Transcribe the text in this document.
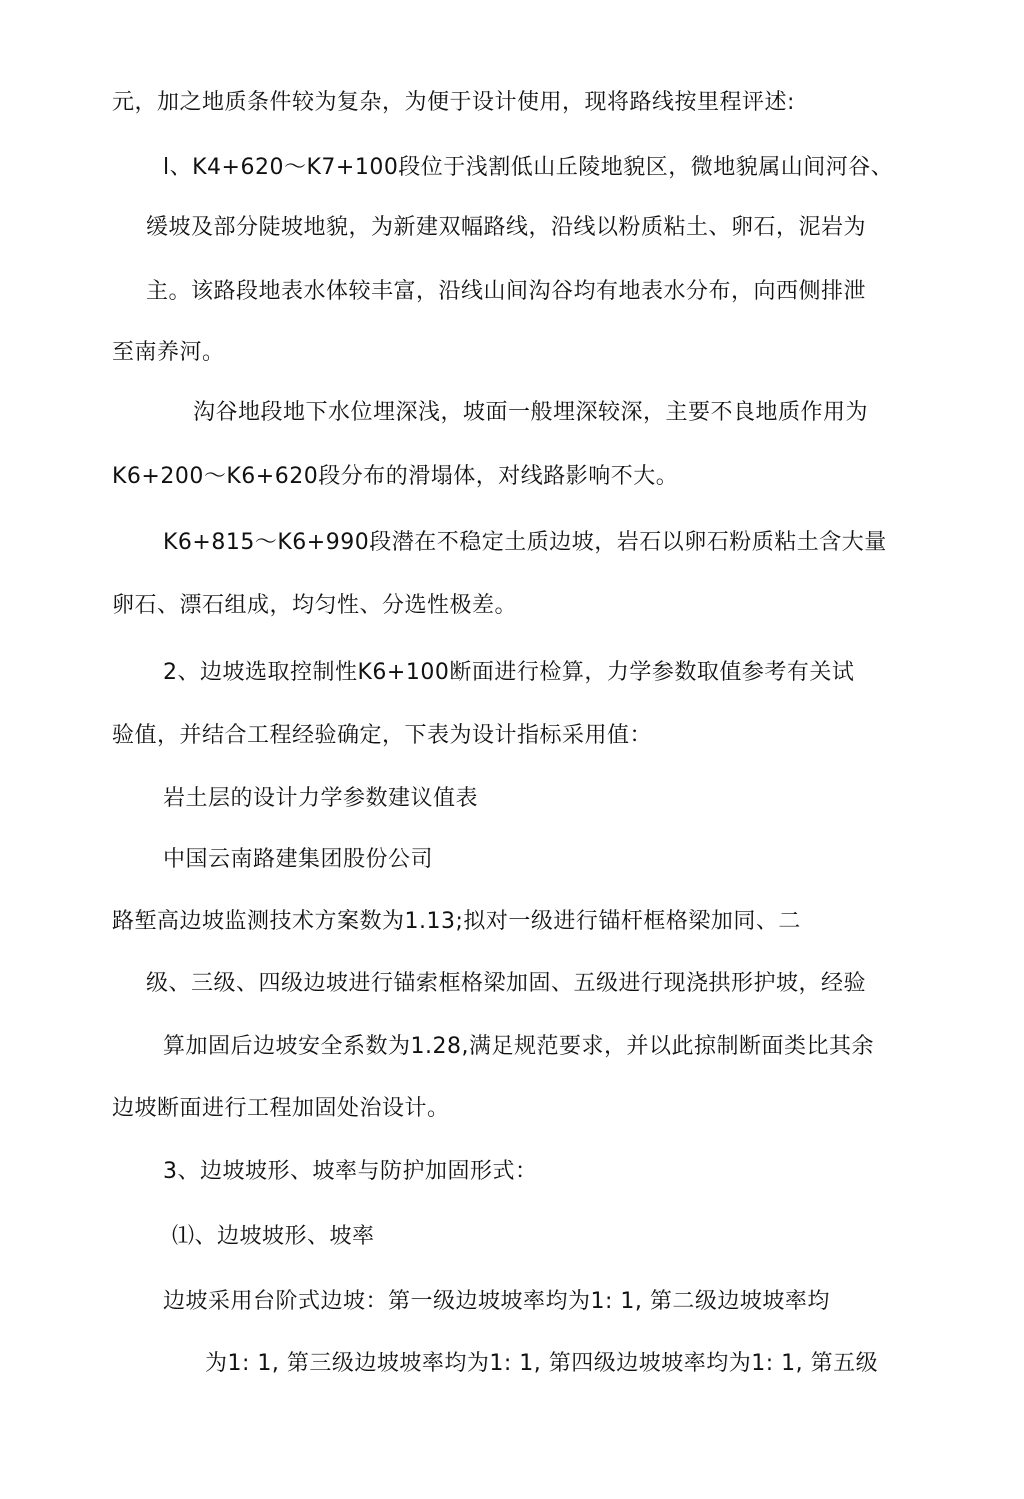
元，加之地质条件较为复杂，为便于设计使用，现将路线按里程评述:
l、K4+620～K7+100段位于浅割低山丘陵地貌区，微地貌属山间河谷、
缓坡及部分陡坡地貌，为新建双幅路线，沿线以粉质粘土、卵石，泥岩为
主。该路段地表水体较丰富，沿线山间沟谷均有地表水分布，向西侧排泄
至南养河。
沟谷地段地下水位埋深浅，坡面一般埋深较深，主要不良地质作用为
K6+200～K6+620段分布的滑塌体，对线路影响不大。
K6+815～K6+990段潜在不稳定土质边坡，岩石以卵石粉质粘土含大量
卵石、漂石组成，均匀性、分选性极差。
2、边坡选取控制性K6+100断面进行检算，力学参数取值参考有关试
验值，并结合工程经验确定，下表为设计指标采用值：
岩土层的设计力学参数建议值表
中国云南路建集团股份公司
路堑高边坡监测技术方案数为1.13;拟对一级进行锚杆框格梁加同、二
级、三级、四级边坡进行锚索框格梁加固、五级进行现浇拱形护坡，经验
算加固后边坡安全系数为1.28,满足规范要求，并以此掠制断面类比其余
边坡断面进行工程加固处治设计。
3、边坡坡形、坡率与防护加固形式：
⑴、边坡坡形、坡率
边坡采用台阶式边坡：第一级边坡坡率均为1: 1, 第二级边坡坡率均
为1: 1, 第三级边坡坡率均为1: 1, 第四级边坡坡率均为1: 1, 第五级
